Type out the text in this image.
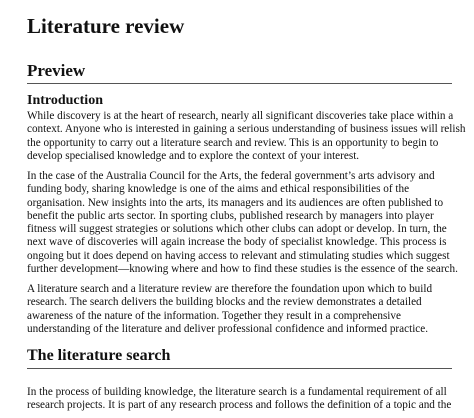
Literature review
Preview
Introduction

While discovery is at the heart of research, nearly all significant discoveries take place within a
context. Anyone who is interested in gaining a serious understanding of business issues will relish
the opportunity to carry out a literature search and review. This is an opportunity to begin to
develop specialised knowledge and to explore the context of your interest.

In the case of the Australia Council for the Arts, the federal government’s arts advisory and
funding body, sharing knowledge is one of the aims and ethical responsibilities of the
organisation. New insights into the arts, its managers and its audiences are often published to
benefit the public arts sector. In sporting clubs, published research by managers into player
fitness will suggest strategies or solutions which other clubs can adopt or develop. In turn, the
next wave of discoveries will again increase the body of specialist knowledge. This process is
ongoing but it does depend on having access to relevant and stimulating studies which suggest
further development—knowing where and how to find these studies is the essence of the search.

A literature search and a literature review are therefore the foundation upon which to build
research. The search delivers the building blocks and the review demonstrates a detailed
awareness of the nature of the information. Together they result in a comprehensive
understanding of the literature and deliver professional confidence and informed practice.

The literature search

In the process of building knowledge, the literature search is a fundamental requirement of all
research projects. It is part of any research process and follows the definition of a topic and the
